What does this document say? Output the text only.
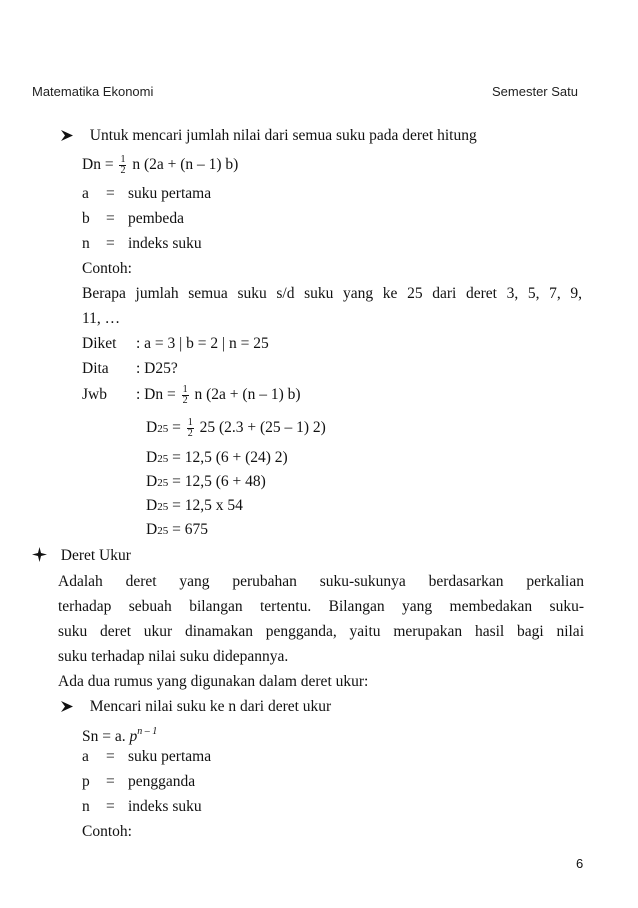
Matematika Ekonomi	Semester Satu
Untuk mencari jumlah nilai dari semua suku pada deret hitung
$Dn = \frac{1}{2}$ n (2a + (n – 1) b)
a = suku pertama
b = pembeda
n = indeks suku
Contoh:
Berapa jumlah semua suku s/d suku yang ke 25 dari deret 3, 5, 7, 9,
11, …
Diket : a = 3 | b = 2 | n = 25
Dita : D25?
Jwb : $Dn = \frac{1}{2}$ n (2a + (n – 1) b)
$D25 = \frac{1}{2} 25$ (2.3 + (25 – 1) 2)
D25 = 12,5 (6 + (24) 2)
D25 = 12,5 (6 + 48)
D25 = 12,5 x 54
D25 = 675
Deret Ukur
Adalah deret yang perubahan suku-sukunya berdasarkan perkalian
terhadap sebuah bilangan tertentu. Bilangan yang membedakan suku-
suku deret ukur dinamakan pengganda, yaitu merupakan hasil bagi nilai
suku terhadap nilai suku didepannya.
Ada dua rumus yang digunakan dalam deret ukur:
Mencari nilai suku ke n dari deret ukur
Sn = a. $p^{n - 1}$
a = suku pertama
p = pengganda
n = indeks suku
Contoh:
6
